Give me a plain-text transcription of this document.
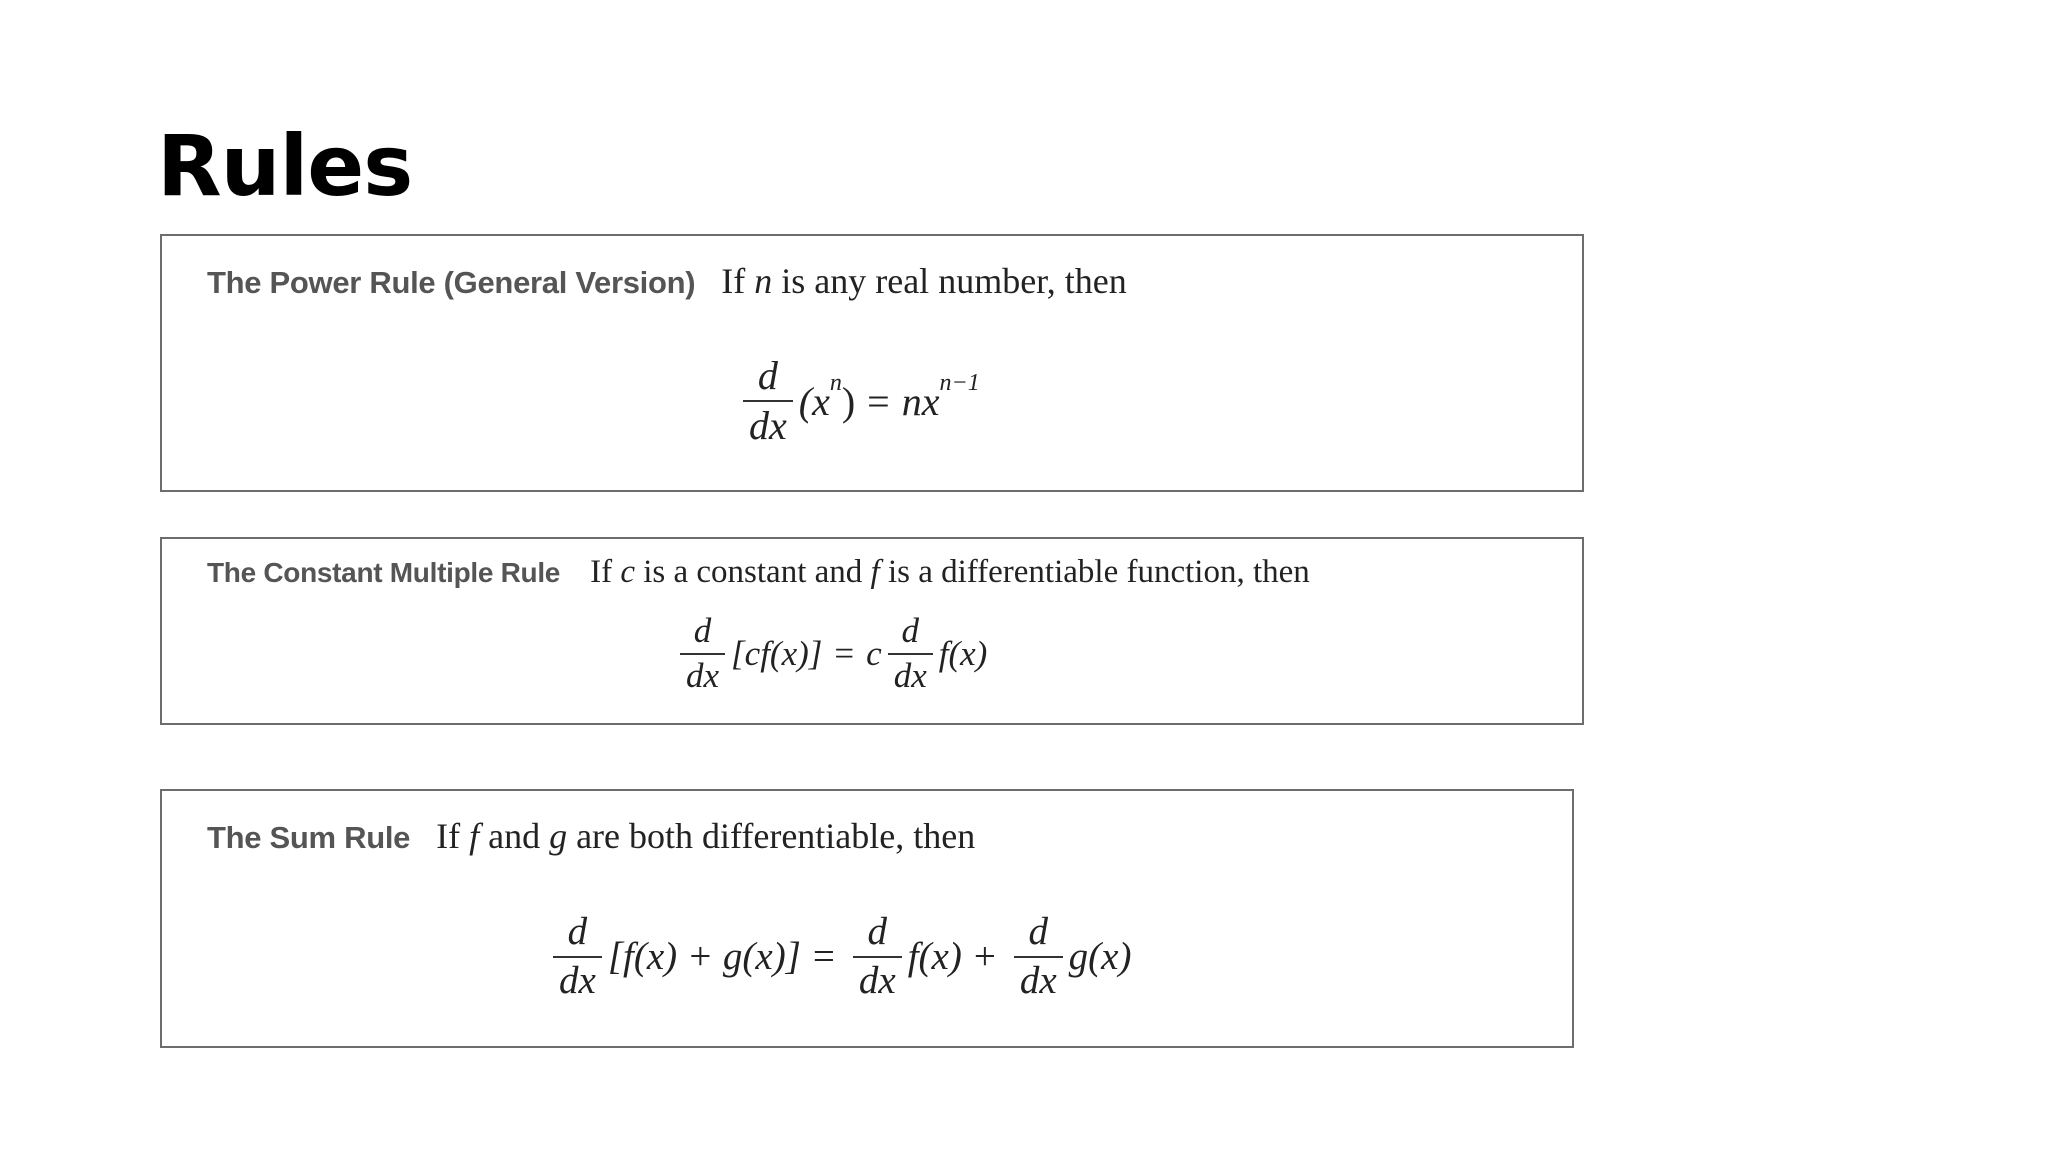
Rules
The Power Rule (General Version) If n is any real number, then
$\frac{d}{dx} (x$ n ) = nx n−1
The Constant Multiple Rule If c is a constant and f is a differentiable function, then
$\frac{d}{dx} [cf(x)] = c \frac{d}{dx} f(x)$
The Sum Rule If f and g are both differentiable, then
$\frac{d}{dx} [f(x) + g(x)] = \frac{d}{dx} f(x) + \frac{d}{dx} g(x)$
